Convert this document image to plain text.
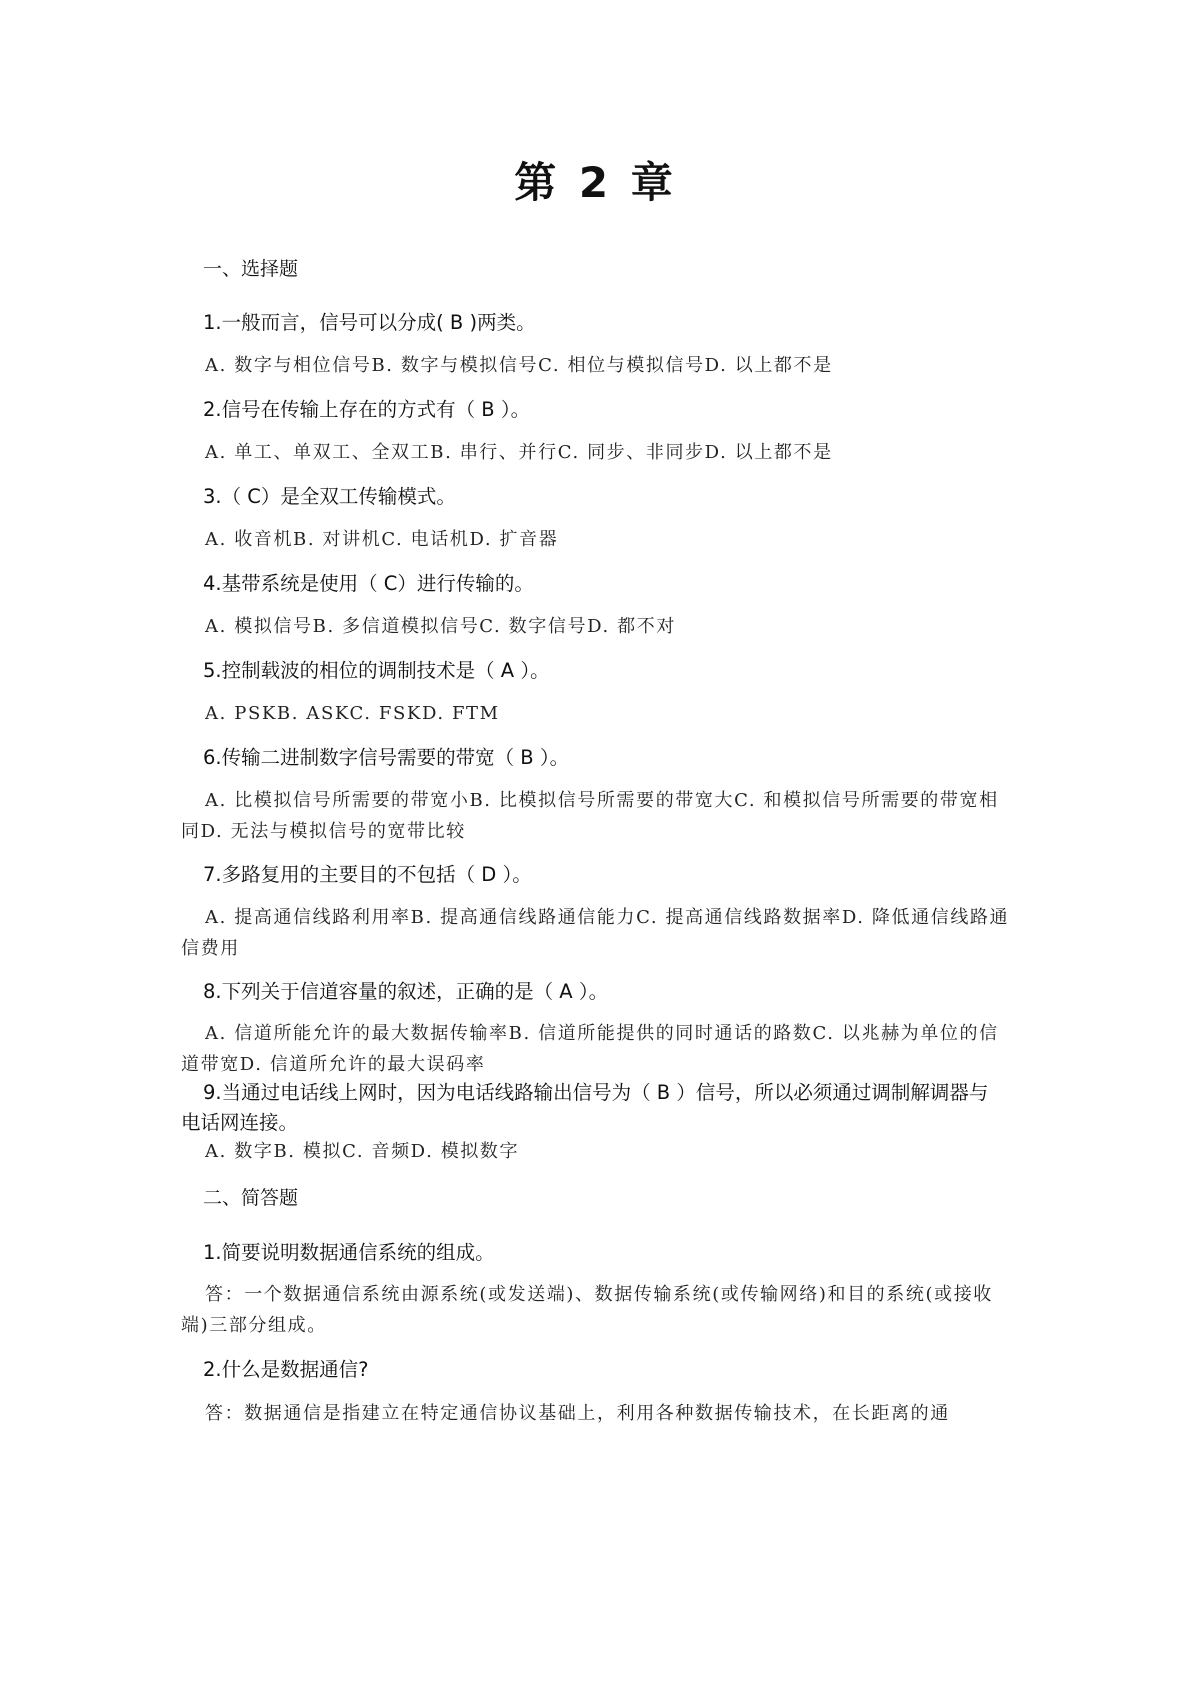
第 2 章
一、选择题
1.一般而言，信号可以分成( B )两类。
A. 数字与相位信号B. 数字与模拟信号C. 相位与模拟信号D. 以上都不是
2.信号在传输上存在的方式有（ B ）。
A. 单工、单双工、全双工B. 串行、并行C. 同步、非同步D. 以上都不是
3.（ C）是全双工传输模式。
A. 收音机B. 对讲机C. 电话机D. 扩音器
4.基带系统是使用（ C）进行传输的。
A. 模拟信号B. 多信道模拟信号C. 数字信号D. 都不对
5.控制载波的相位的调制技术是（ A ）。
A. PSKB. ASKC. FSKD. FTM
6.传输二进制数字信号需要的带宽（ B ）。
A. 比模拟信号所需要的带宽小B. 比模拟信号所需要的带宽大C. 和模拟信号所需要的带宽相同D. 无法与模拟信号的宽带比较
7.多路复用的主要目的不包括（ D ）。
A. 提高通信线路利用率B. 提高通信线路通信能力C. 提高通信线路数据率D. 降低通信线路通信费用
8.下列关于信道容量的叙述，正确的是（ A ）。
A. 信道所能允许的最大数据传输率B. 信道所能提供的同时通话的路数C. 以兆赫为单位的信道带宽D. 信道所允许的最大误码率
9.当通过电话线上网时，因为电话线路输出信号为（ B ）信号，所以必须通过调制解调器与电话网连接。
A. 数字B. 模拟C. 音频D. 模拟数字
二、简答题
1.简要说明数据通信系统的组成。
答：一个数据通信系统由源系统(或发送端)、数据传输系统(或传输网络)和目的系统(或接收端)三部分组成。
2.什么是数据通信?
答：数据通信是指建立在特定通信协议基础上，利用各种数据传输技术，在长距离的通
